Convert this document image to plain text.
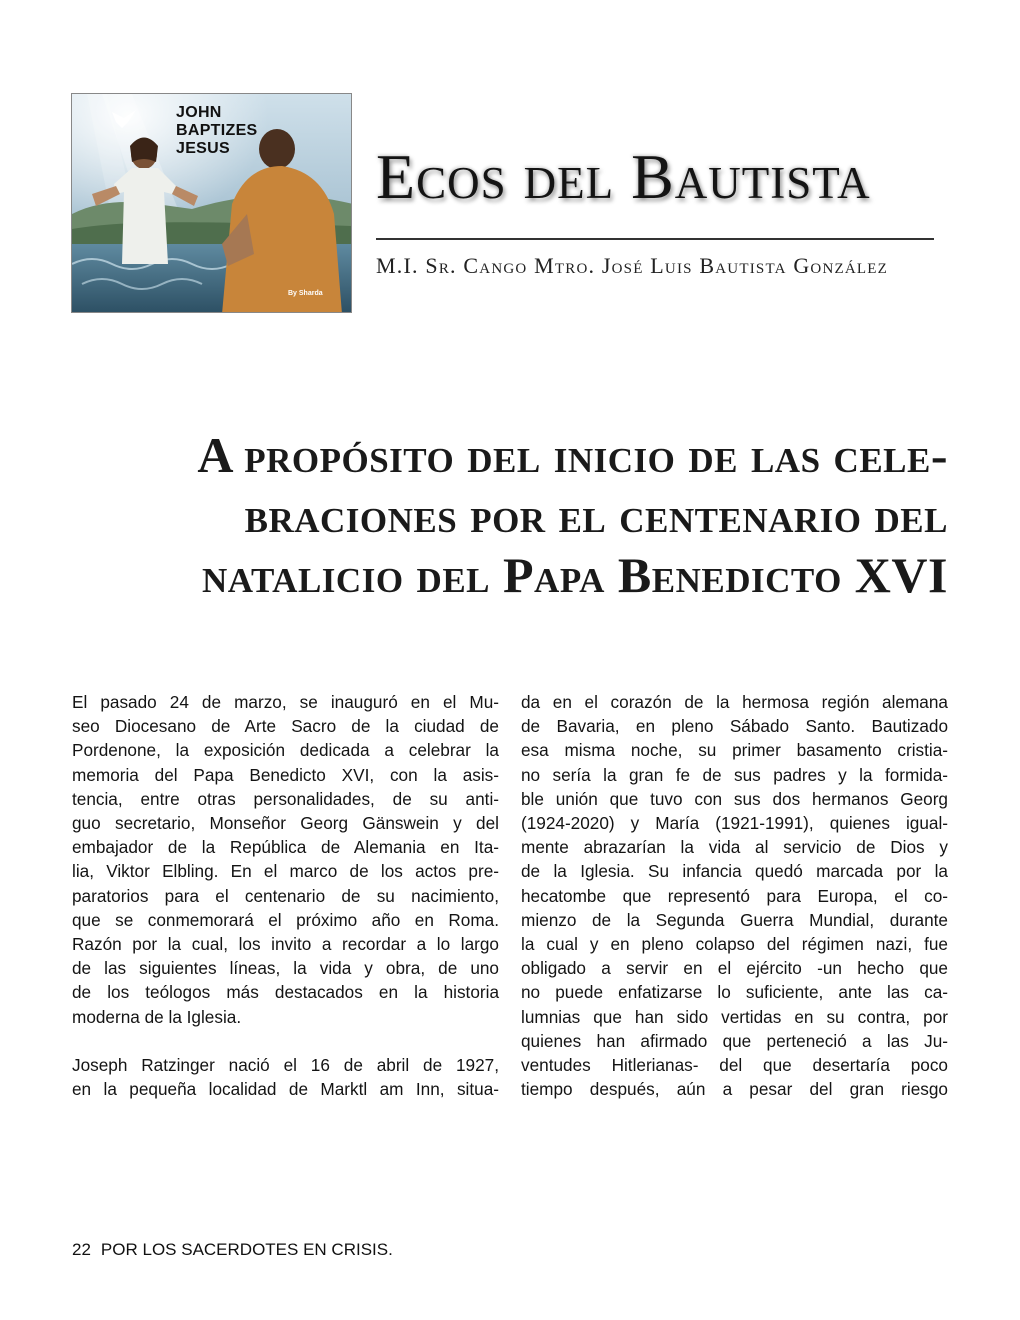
JOHN
BAPTIZES
JESUS
By Sharda
Ecos del Bautista
M.I. Sr. Cango Mtro. José Luis Bautista González
A propósito del inicio de las cele-
braciones por el centenario del
natalicio del Papa Benedicto XVI

El pasado 24 de marzo, se inauguró en el Mu-
seo Diocesano de Arte Sacro de la ciudad de
Pordenone, la exposición dedicada a celebrar la
memoria del Papa Benedicto XVI, con la asis-
tencia, entre otras personalidades, de su anti-
guo secretario, Monseñor Georg Gänswein y del
embajador de la República de Alemania en Ita-
lia, Viktor Elbling. En el marco de los actos pre-
paratorios para el centenario de su nacimiento,
que se conmemorará el próximo año en Roma.
Razón por la cual, los invito a recordar a lo largo
de las siguientes líneas, la vida y obra, de uno
de los teólogos más destacados en la historia
moderna de la Iglesia.

Joseph Ratzinger nació el 16 de abril de 1927,
en la pequeña localidad de Marktl am Inn, situa-

da en el corazón de la hermosa región alemana
de Bavaria, en pleno Sábado Santo. Bautizado
esa misma noche, su primer basamento cristia-
no sería la gran fe de sus padres y la formida-
ble unión que tuvo con sus dos hermanos Georg
(1924-2020) y María (1921-1991), quienes igual-
mente abrazarían la vida al servicio de Dios y
de la Iglesia. Su infancia quedó marcada por la
hecatombe que representó para Europa, el co-
mienzo de la Segunda Guerra Mundial, durante
la cual y en pleno colapso del régimen nazi, fue
obligado a servir en el ejército -un hecho que
no puede enfatizarse lo suficiente, ante las ca-
lumnias que han sido vertidas en su contra, por
quienes han afirmado que perteneció a las Ju-
ventudes Hitlerianas- del que desertaría poco
tiempo después, aún a pesar del gran riesgo

22 POR LOS SACERDOTES EN CRISIS.
